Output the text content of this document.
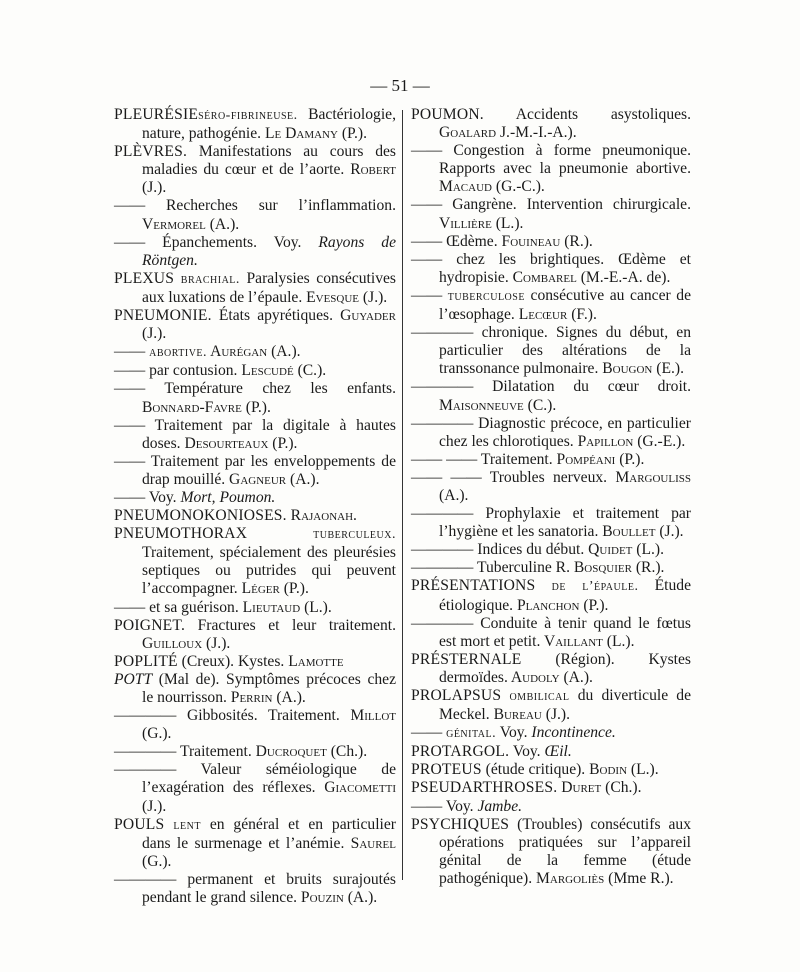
— 51 —

PLEURÉSIEséro-fibrineuse. Bactériologie, nature, pathogénie. Le Damany (P.).

PLÈVRES. Manifestations au cours des maladies du cœur et de l’aorte. Robert (J.).

—— Recherches sur l’inflammation. Vermorel (A.).

—— Épanchements. Voy. Rayons de Röntgen.

PLEXUS brachial. Paralysies consécutives aux luxations de l’épaule. Evesque (J.).

PNEUMONIE. États apyrétiques. Guyader (J.).

—— abortive. Aurégan (A.).

—— par contusion. Lescudé (C.).

—— Température chez les enfants. Bonnard-Favre (P.).

—— Traitement par la digitale à hautes doses. Desourteaux (P.).

—— Traitement par les enveloppements de drap mouillé. Gagneur (A.).

—— Voy. Mort, Poumon.

PNEUMONOKONIOSES. Rajaonah.

PNEUMOTHORAX tuberculeux. Traitement, spécialement des pleurésies septiques ou putrides qui peuvent l’accompagner. Léger (P.).

—— et sa guérison. Lieutaud (L.).

POIGNET. Fractures et leur traitement. Guilloux (J.).

POPLITÉ (Creux). Kystes. Lamotte

POTT (Mal de). Symptômes précoces chez le nourrisson. Perrin (A.).

———— Gibbosités. Traitement. Millot (G.).

———— Traitement. Ducroquet (Ch.).

———— Valeur séméiologique de l’exagération des réflexes. Giacometti (J.).

POULS lent en général et en particulier dans le surmenage et l’anémie. Saurel (G.).

———— permanent et bruits surajoutés pendant le grand silence. Pouzin (A.).

POUMON. Accidents asystoliques. Goalard J.-M.-I.-A.).

—— Congestion à forme pneumonique. Rapports avec la pneumonie abortive. Macaud (G.-C.).

—— Gangrène. Intervention chirurgicale. Villière (L.).

—— Œdème. Fouineau (R.).

—— chez les brightiques. Œdème et hydropisie. Combarel (M.-E.-A. de).

—— tuberculose consécutive au cancer de l’œsophage. Lecœur (F.).

———— chronique. Signes du début, en particulier des altérations de la transsonance pulmonaire. Bougon (E.).

———— Dilatation du cœur droit. Maisonneuve (C.).

———— Diagnostic précoce, en particulier chez les chlorotiques. Papillon (G.-E.).

—— —— Traitement. Pompéani (P.).

—— —— Troubles nerveux. Margouliss (A.).

———— Prophylaxie et traitement par l’hygiène et les sanatoria. Boullet (J.).

———— Indices du début. Quidet (L.).

———— Tuberculine R. Bosquier (R.).

PRÉSENTATIONS de l’épaule. Étude étiologique. Planchon (P.).

———— Conduite à tenir quand le fœtus est mort et petit. Vaillant (L.).

PRÉSTERNALE (Région). Kystes dermoïdes. Audoly (A.).

PROLAPSUS ombilical du diverticule de Meckel. Bureau (J.).

—— génital. Voy. Incontinence.

PROTARGOL. Voy. Œil.

PROTEUS (étude critique). Bodin (L.).

PSEUDARTHROSES. Duret (Ch.).

—— Voy. Jambe.

PSYCHIQUES (Troubles) consécutifs aux opérations pratiquées sur l’appareil génital de la femme (étude pathogénique). Margoliès (Mme R.).
